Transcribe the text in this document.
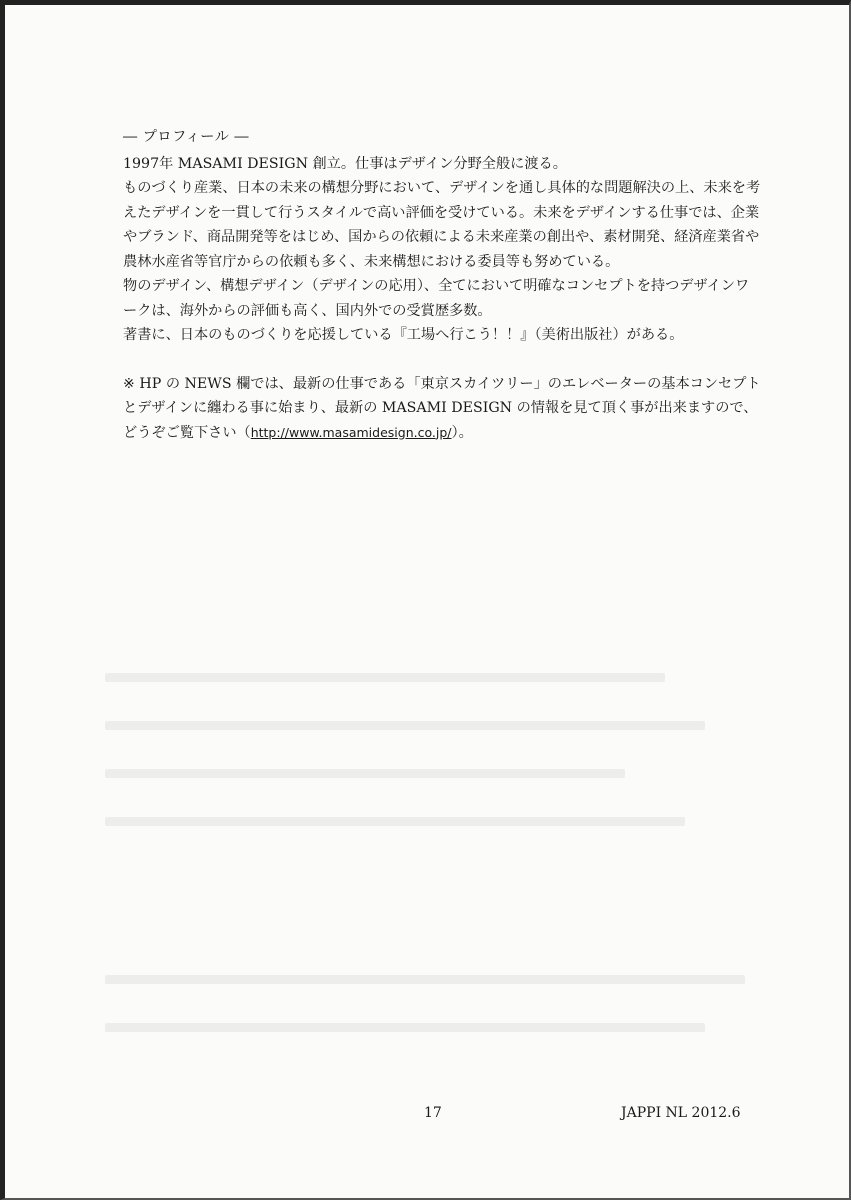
― プロフィール ―

1997年 MASAMI DESIGN 創立。仕事はデザイン分野全般に渡る。

ものづくり産業、日本の未来の構想分野において、デザインを通し具体的な問題解決の上、未来を考えたデザインを一貫して行うスタイルで高い評価を受けている。未来をデザインする仕事では、企業やブランド、商品開発等をはじめ、国からの依頼による未来産業の創出や、素材開発、経済産業省や農林水産省等官庁からの依頼も多く、未来構想における委員等も努めている。

物のデザイン、構想デザイン（デザインの応用）、全てにおいて明確なコンセプトを持つデザインワークは、海外からの評価も高く、国内外での受賞歴多数。

著書に、日本のものづくりを応援している『工場へ行こう！！』（美術出版社）がある。

※ HP の NEWS 欄では、最新の仕事である「東京スカイツリー」のエレベーターの基本コンセプトとデザインに纏わる事に始まり、最新の MASAMI DESIGN の情報を見て頂く事が出来ますので、どうぞご覧下さい（http://www.masamidesign.co.jp/）。

17	JAPPI NL 2012.6
